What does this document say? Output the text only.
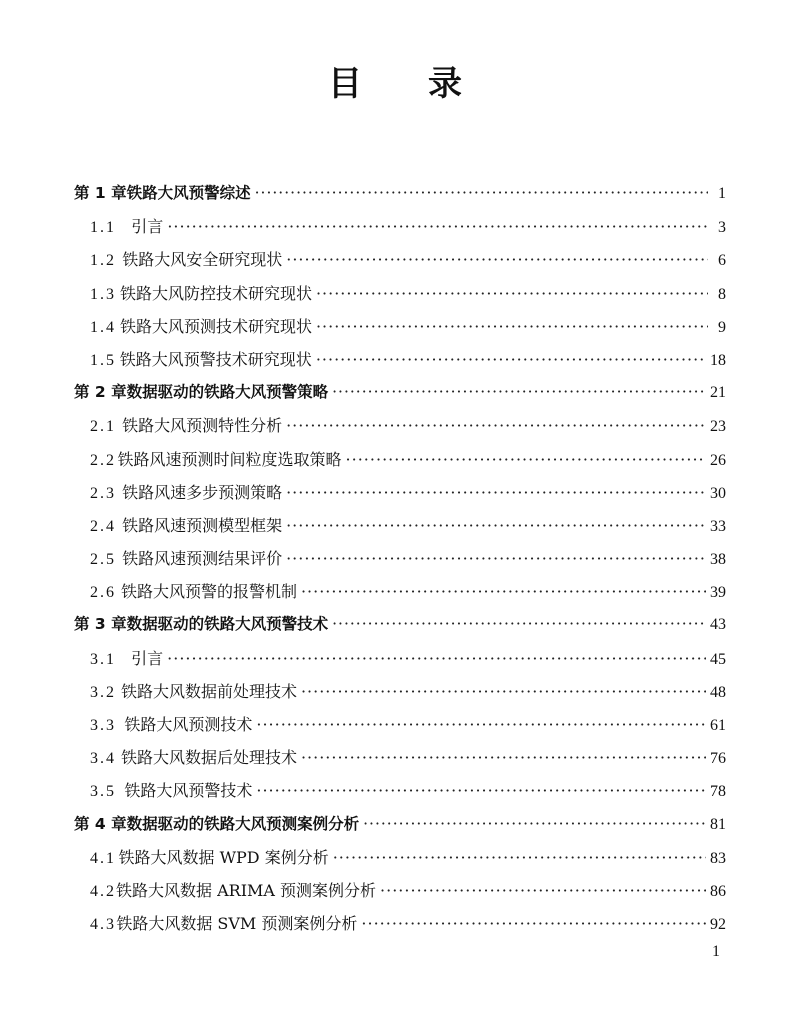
目录
第 1 章 铁路大风预警综述 ·····	1
1.1 引言 ·····	3
1.2 铁路大风安全研究现状 ·····	6
1.3 铁路大风防控技术研究现状 ·····	8
1.4 铁路大风预测技术研究现状 ·····	9
1.5 铁路大风预警技术研究现状 ·····	18
第 2 章 数据驱动的铁路大风预警策略 ·····	21
2.1 铁路大风预测特性分析 ·····	23
2.2 铁路风速预测时间粒度选取策略 ·····	26
2.3 铁路风速多步预测策略 ·····	30
2.4 铁路风速预测模型框架 ·····	33
2.5 铁路风速预测结果评价 ·····	38
2.6 铁路大风预警的报警机制 ·····	39
第 3 章 数据驱动的铁路大风预警技术 ·····	43
3.1 引言 ·····	45
3.2 铁路大风数据前处理技术 ·····	48
3.3 铁路大风预测技术 ·····	61
3.4 铁路大风数据后处理技术 ·····	76
3.5 铁路大风预警技术 ·····	78
第 4 章 数据驱动的铁路大风预测案例分析 ·····	81
4.1 铁路大风数据 WPD 案例分析 ·····	83
4.2 铁路大风数据 ARIMA 预测案例分析 ·····	86
4.3 铁路大风数据 SVM 预测案例分析 ·····	92
1
